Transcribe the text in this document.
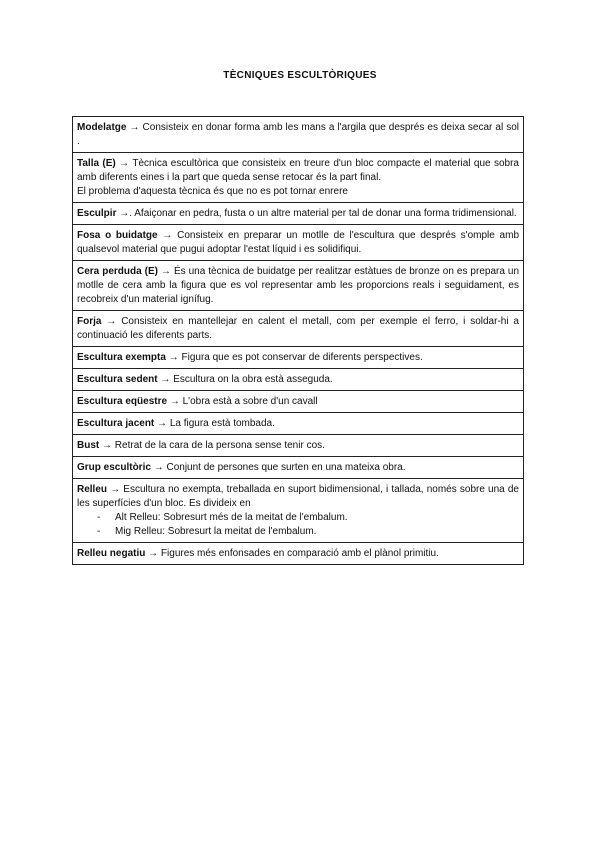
TÈCNIQUES ESCULTÒRIQUES
Modelatge → Consisteix en donar forma amb les mans a l'argila que després es deixa secar al sol .
Talla (E) → Tècnica escultòrica que consisteix en treure d'un bloc compacte el material que sobra amb diferents eines i la part que queda sense retocar és la part final.
El problema d'aquesta tècnica és que no es pot tornar enrere

Esculpir →. Afaiçonar en pedra, fusta o un altre material per tal de donar una forma tridimensional.
Fosa o buidatge → Consisteix en preparar un motlle de l'escultura que després s'omple amb qualsevol material que pugui adoptar l'estat líquid i es solidifiqui.
Cera perduda (E) → És una tècnica de buidatge per realitzar estàtues de bronze on es prepara un motlle de cera amb la figura que es vol representar amb les proporcions reals i seguidament, es recobreix d'un material ignífug.
Forja → Consisteix en mantellejar en calent el metall, com per exemple el ferro, i soldar-hi a continuació les diferents parts.
Escultura exempta → Figura que es pot conservar de diferents perspectives.
Escultura sedent → Escultura on la obra està asseguda.
Escultura eqüestre → L'obra està a sobre d'un cavall
Escultura jacent → La figura està tombada.
Bust → Retrat de la cara de la persona sense tenir cos.
Grup escultòric → Conjunt de persones que surten en una mateixa obra.
Relleu → Escultura no exempta, treballada en suport bidimensional, i tallada, només sobre una de les superfícies d'un bloc. Es divideix en
- Alt Relleu: Sobresurt més de la meitat de l'embalum.
- Mig Relleu: Sobresurt la meitat de l'embalum.

Relleu negatiu → Figures més enfonsades en comparació amb el plànol primitiu.
